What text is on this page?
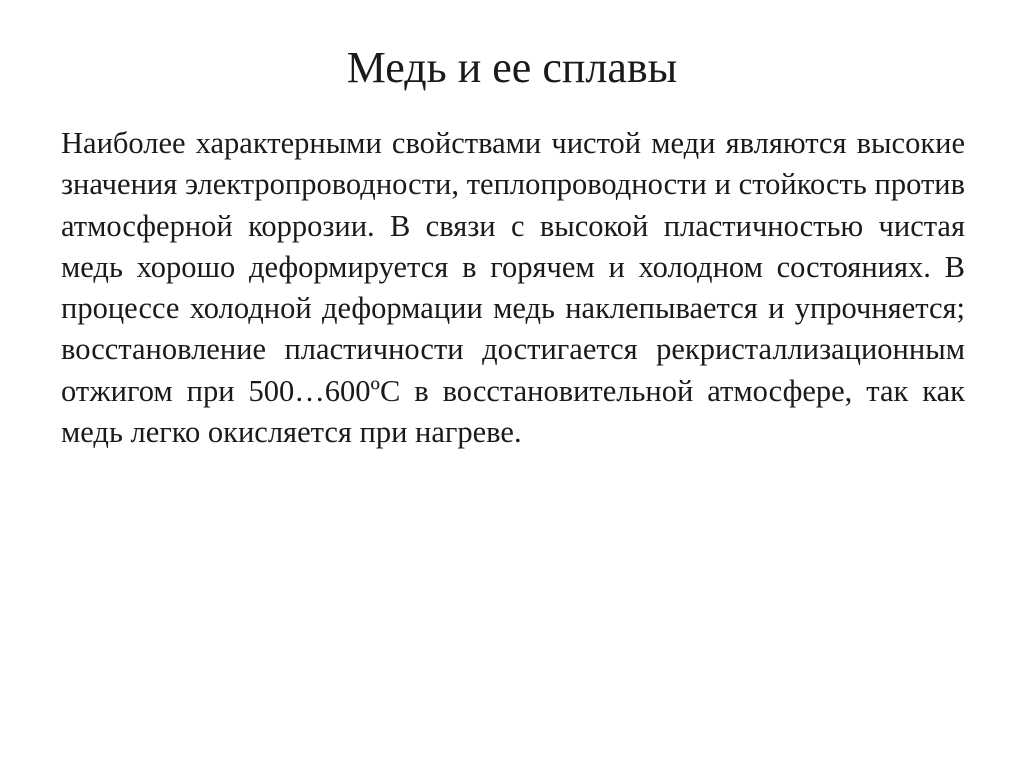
Медь и ее сплавы

Наиболее характерными свойствами чистой меди являются высокие значения электропроводности, теплопроводности и стойкость против атмосферной коррозии. В связи с высокой пластичностью чистая медь хорошо деформируется в горячем и холодном состояниях. В процессе холодной деформации медь наклепывается и упрочняется; восстановление пластичности достигается рекристаллизационным отжигом при 500…600ºС в восстановительной атмосфере, так как медь легко окисляется при нагреве.
